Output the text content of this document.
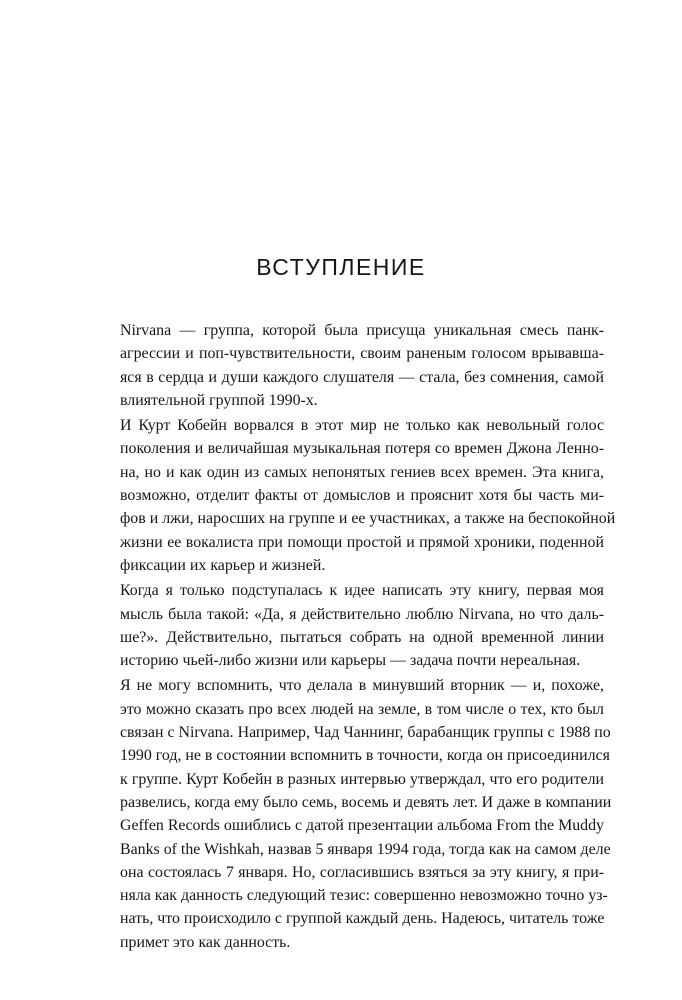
ВСТУПЛЕНИЕ

Nirvana — группа, которой была присуща уникальная смесь панк-
агрессии и поп-чувствительности, своим раненым голосом врывавша-
яся в сердца и души каждого слушателя — стала, без сомнения, самой
влиятельной группой 1990-х.

И Курт Кобейн ворвался в этот мир не только как невольный голос
поколения и величайшая музыкальная потеря со времен Джона Ленно-
на, но и как один из самых непонятых гениев всех времен. Эта книга,
возможно, отделит факты от домыслов и прояснит хотя бы часть ми-
фов и лжи, наросших на группе и ее участниках, а также на беспокойной
жизни ее вокалиста при помощи простой и прямой хроники, поденной
фиксации их карьер и жизней.

Когда я только подступалась к идее написать эту книгу, первая моя
мысль была такой: «Да, я действительно люблю Nirvana, но что даль-
ше?». Действительно, пытаться собрать на одной временной линии
историю чьей-либо жизни или карьеры — задача почти нереальная.

Я не могу вспомнить, что делала в минувший вторник — и, похоже,
это можно сказать про всех людей на земле, в том числе о тех, кто был
связан с Nirvana. Например, Чад Чаннинг, барабанщик группы с 1988 по
1990 год, не в состоянии вспомнить в точности, когда он присоединился
к группе. Курт Кобейн в разных интервью утверждал, что его родители
развелись, когда ему было семь, восемь и девять лет. И даже в компании
Geffen Records ошиблись с датой презентации альбома From the Muddy
Banks of the Wishkah, назвав 5 января 1994 года, тогда как на самом деле
она состоялась 7 января. Но, согласившись взяться за эту книгу, я при-
няла как данность следующий тезис: совершенно невозможно точно уз-
нать, что происходило с группой каждый день. Надеюсь, читатель тоже
примет это как данность.
